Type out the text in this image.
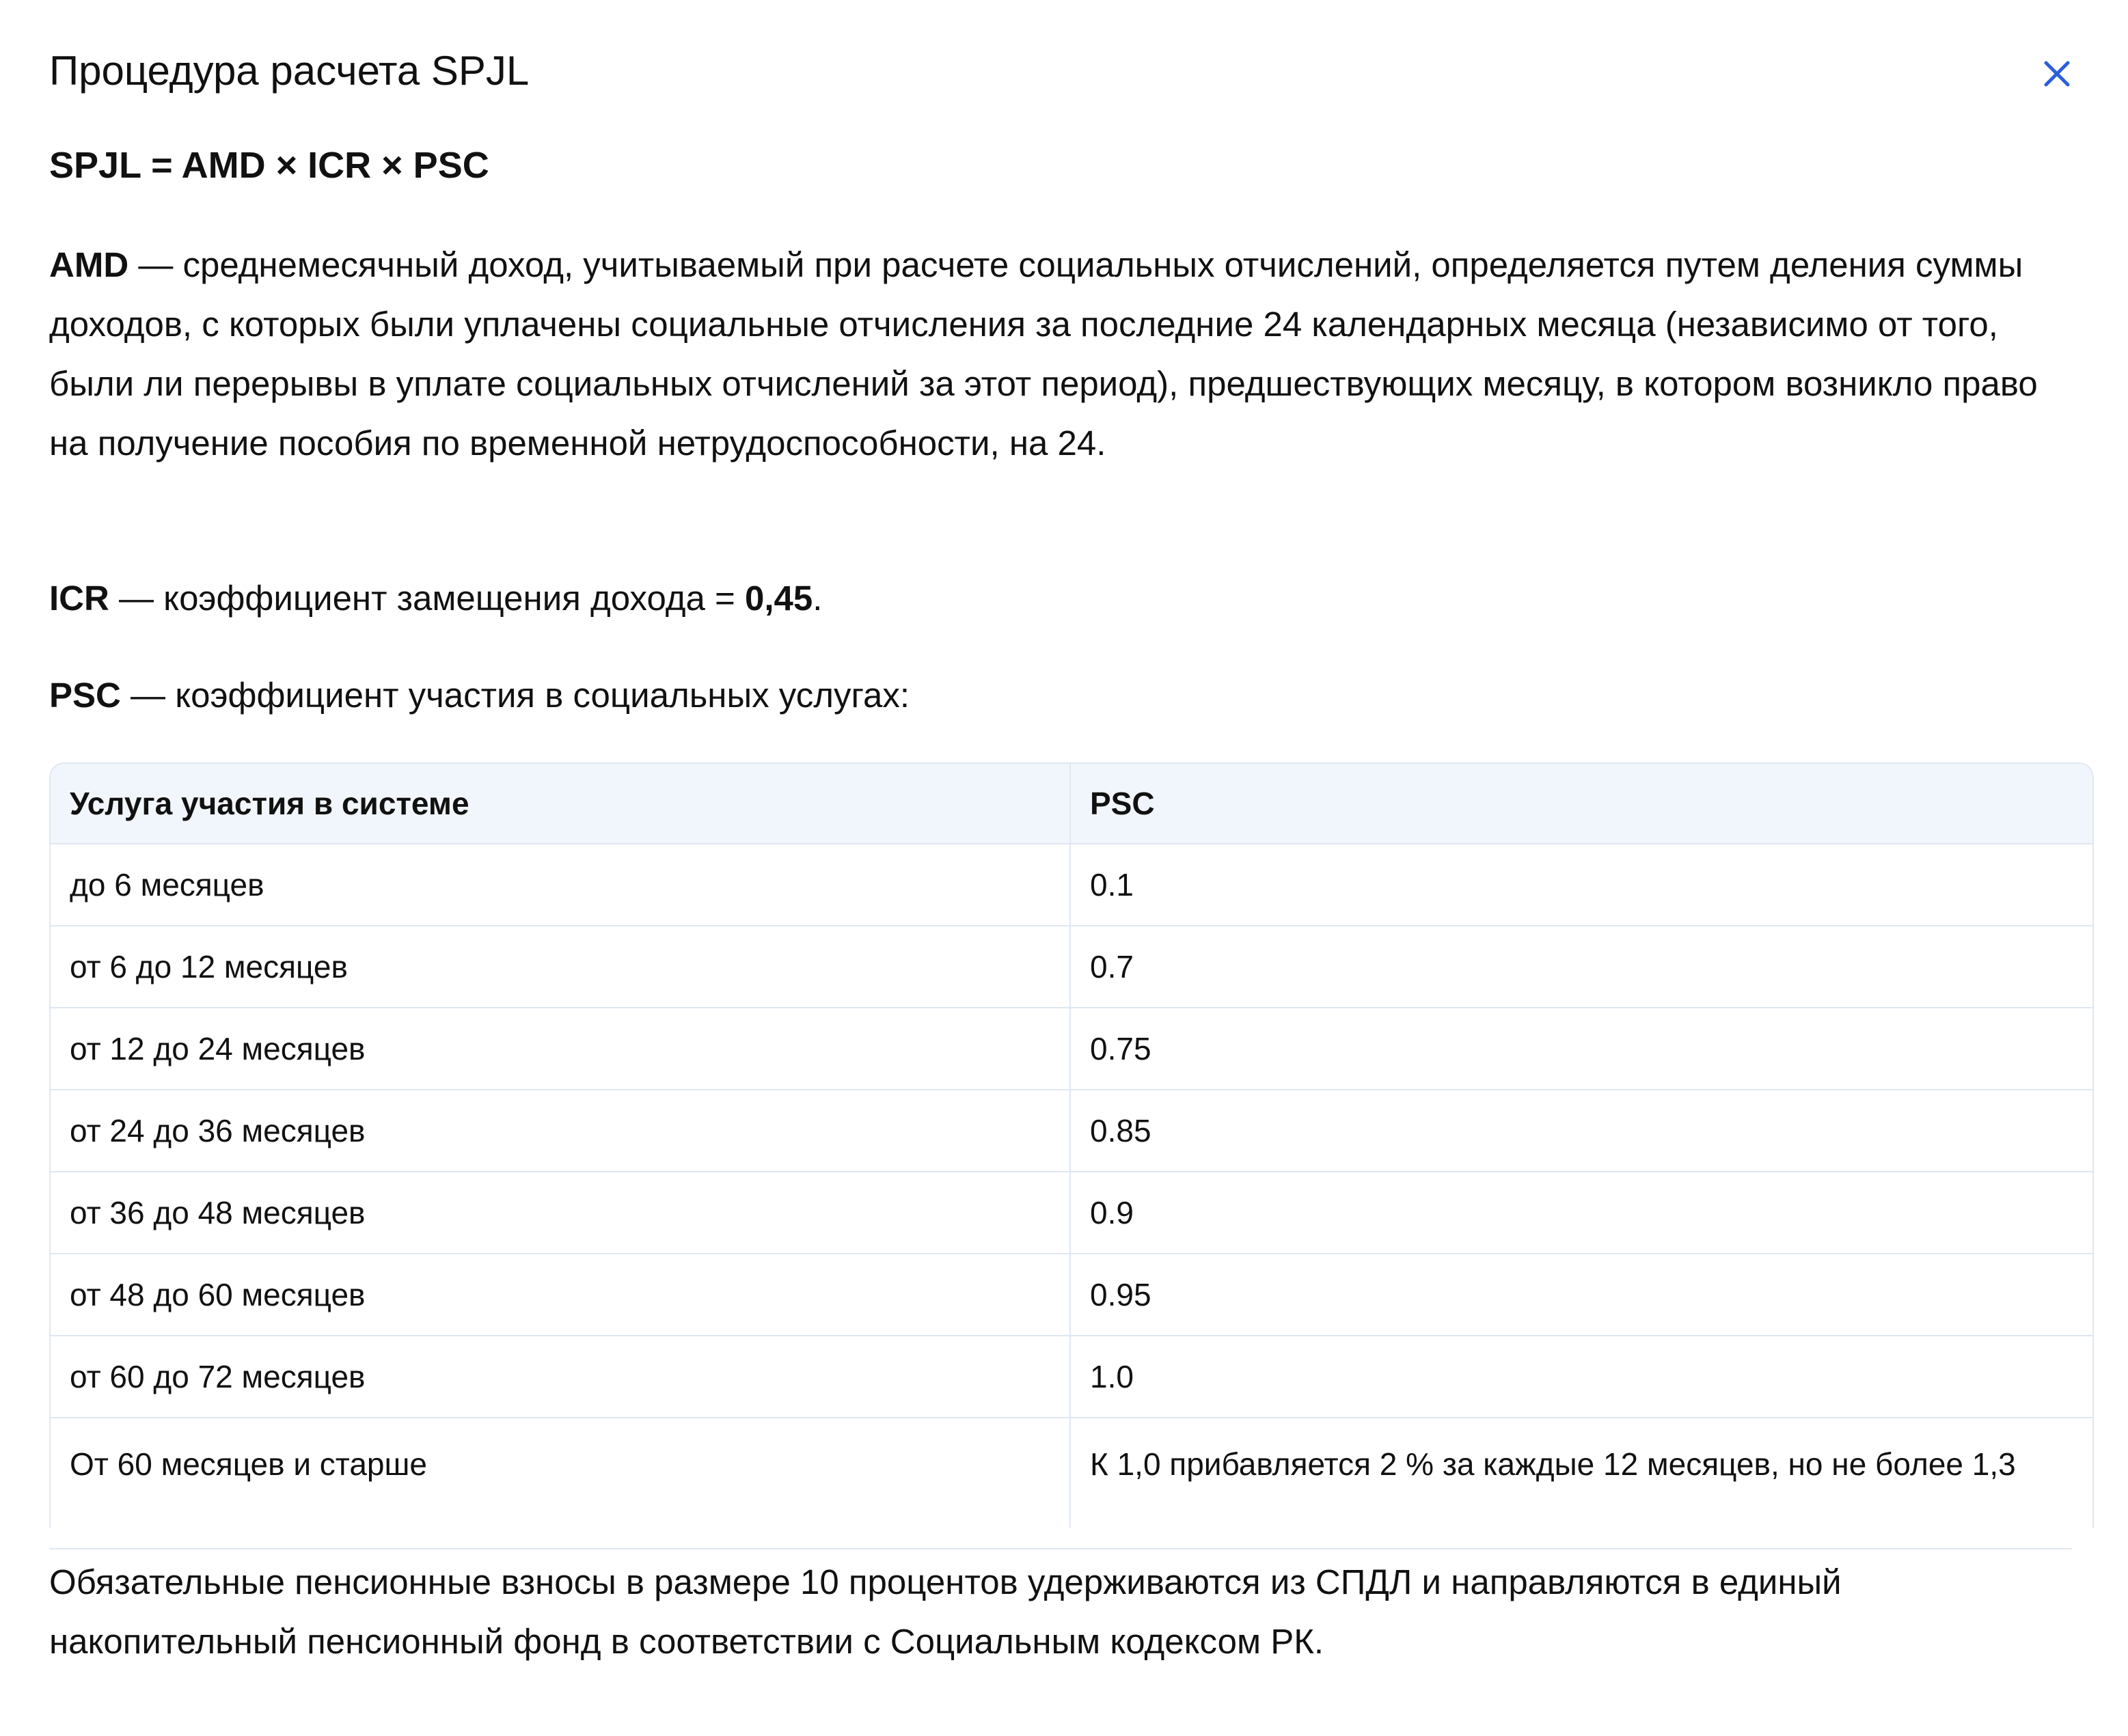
Процедура расчета SPJL

SPJL = AMD × ICR × PSC

AMD — среднемесячный доход, учитываемый при расчете социальных отчислений, определяется путем деления суммы доходов, с которых были уплачены социальные отчисления за последние 24 календарных месяца (независимо от того, были ли перерывы в уплате социальных отчислений за этот период), предшествующих месяцу, в котором возникло право на получение пособия по временной нетрудоспособности, на 24.

ICR — коэффициент замещения дохода = 0,45.

PSC — коэффициент участия в социальных услугах:

Услуга участия в системе	PSC
до 6 месяцев	0.1
от 6 до 12 месяцев	0.7
от 12 до 24 месяцев	0.75
от 24 до 36 месяцев	0.85
от 36 до 48 месяцев	0.9
от 48 до 60 месяцев	0.95
от 60 до 72 месяцев	1.0
От 60 месяцев и старше	К 1,0 прибавляется 2 % за каждые 12 месяцев, но не более 1,3

Обязательные пенсионные взносы в размере 10 процентов удерживаются из СПДЛ и направляются в единый накопительный пенсионный фонд в соответствии с Социальным кодексом РК.
